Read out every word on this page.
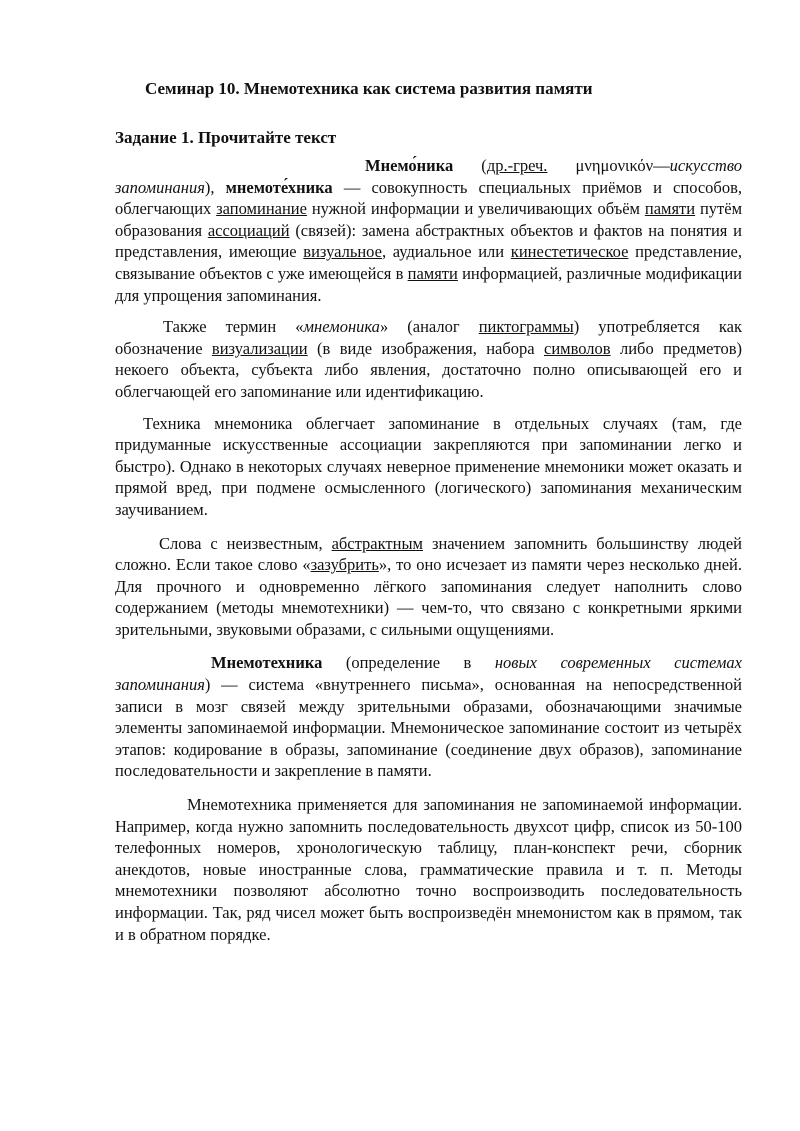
Семинар 10. Мнемотехника как система развития памяти
Задание 1. Прочитайте текст

Мнемо́ника (др.-греч. μνημονικόν—искусство запоминания), мнемоте́хника — совокупность специальных приёмов и способов, облегчающих запоминание нужной информации и увеличивающих объём памяти путём образования ассоциаций (связей): замена абстрактных объектов и фактов на понятия и представления, имеющие визуальное, аудиальное или кинестетическое представление, связывание объектов с уже имеющейся в памяти информацией, различные модификации для упрощения запоминания.

Также термин «мнемоника» (аналог пиктограммы) употребляется как обозначение визуализации (в виде изображения, набора символов либо предметов) некоего объекта, субъекта либо явления, достаточно полно описывающей его и облегчающей его запоминание или идентификацию.

Техника мнемоника облегчает запоминание в отдельных случаях (там, где придуманные искусственные ассоциации закрепляются при запоминании легко и быстро). Однако в некоторых случаях неверное применение мнемоники может оказать и прямой вред, при подмене осмысленного (логического) запоминания механическим заучиванием.

Слова с неизвестным, абстрактным значением запомнить большинству людей сложно. Если такое слово «зазубрить», то оно исчезает из памяти через несколько дней. Для прочного и одновременно лёгкого запоминания следует наполнить слово содержанием (методы мнемотехники) — чем-то, что связано с конкретными яркими зрительными, звуковыми образами, с сильными ощущениями.

Мнемотехника (определение в новых современных системах запоминания) — система «внутреннего письма», основанная на непосредственной записи в мозг связей между зрительными образами, обозначающими значимые элементы запоминаемой информации. Мнемоническое запоминание состоит из четырёх этапов: кодирование в образы, запоминание (соединение двух образов), запоминание последовательности и закрепление в памяти.

Мнемотехника применяется для запоминания не запоминаемой информации. Например, когда нужно запомнить последовательность двухсот цифр, список из 50-100 телефонных номеров, хронологическую таблицу, план-конспект речи, сборник анекдотов, новые иностранные слова, грамматические правила и т. п. Методы мнемотехники позволяют абсолютно точно воспроизводить последовательность информации. Так, ряд чисел может быть воспроизведён мнемонистом как в прямом, так и в обратном порядке.
